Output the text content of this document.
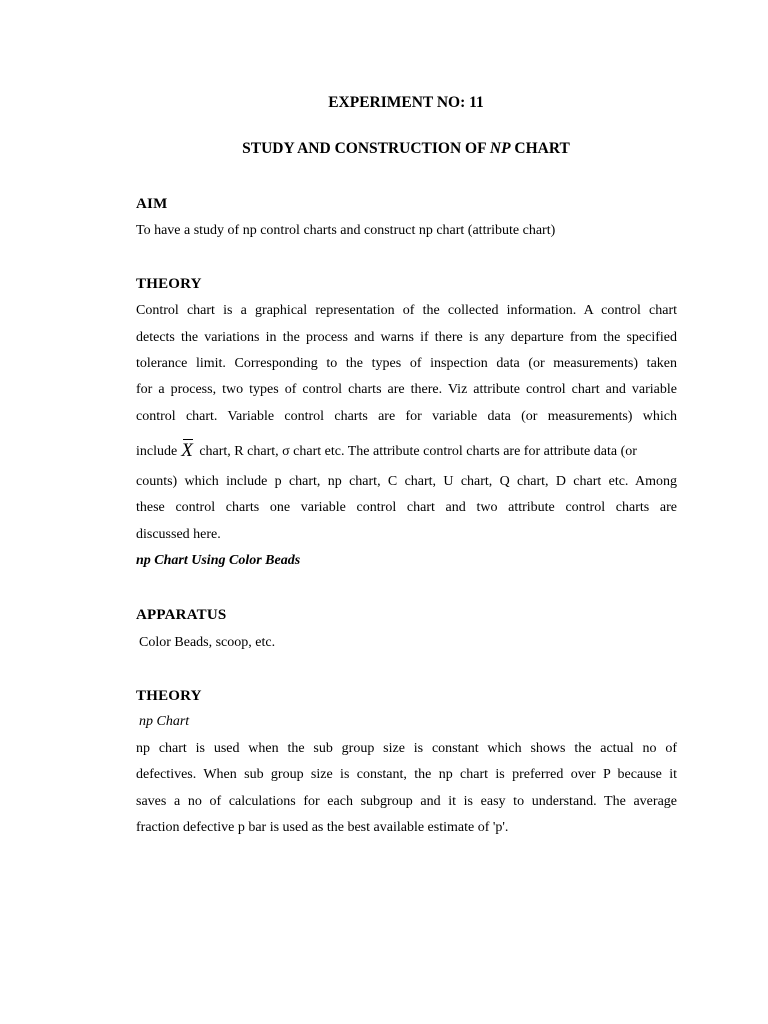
EXPERIMENT NO: 11
STUDY AND CONSTRUCTION OF NP CHART
AIM
To have a study of np control charts and construct np chart (attribute chart)
THEORY
Control chart is a graphical representation of the collected information. A control chart
detects the variations in the process and warns if there is any departure from the specified
tolerance limit. Corresponding to the types of inspection data (or measurements) taken
for a process, two types of control charts are there. Viz attribute control chart and variable
control chart. Variable control charts are for variable data (or measurements) which
include X chart, R chart, σ chart etc. The attribute control charts are for attribute data (or
counts) which include p chart, np chart, C chart, U chart, Q chart, D chart etc. Among
these control charts one variable control chart and two attribute control charts are
discussed here.
np Chart Using Color Beads
APPARATUS
Color Beads, scoop, etc.
THEORY
np Chart
np chart is used when the sub group size is constant which shows the actual no of
defectives. When sub group size is constant, the np chart is preferred over P because it
saves a no of calculations for each subgroup and it is easy to understand. The average
fraction defective p bar is used as the best available estimate of 'p'.
